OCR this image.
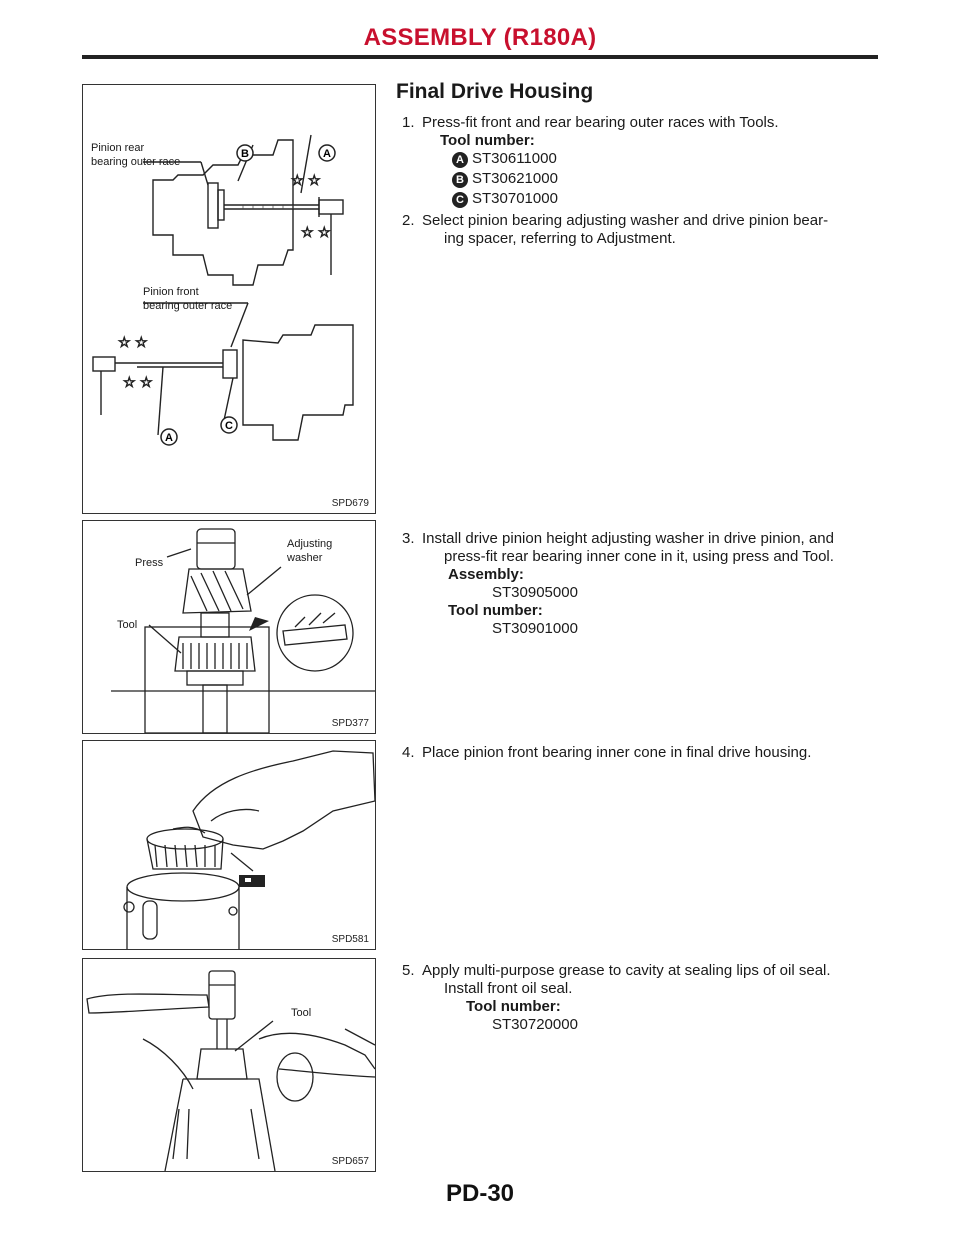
ASSEMBLY (R180A)
☆ ☆
☆ ☆
☆ ☆
☆ ☆
B	A
A
C
Pinion rear
bearing outer race
Pinion front
bearing outer race
SPD679
Press
Adjusting
washer
Tool
SPD377
SPD581
Tool
SPD657
Final Drive Housing
1. Press-fit front and rear bearing outer races with Tools.
Tool number:
A ST30611000
B ST30621000
C ST30701000
2. Select pinion bearing adjusting washer and drive pinion bear-
ing spacer, referring to Adjustment.
3. Install drive pinion height adjusting washer in drive pinion, and
press-fit rear bearing inner cone in it, using press and Tool.
Assembly:
ST30905000
Tool number:
ST30901000
4. Place pinion front bearing inner cone in final drive housing.
5. Apply multi-purpose grease to cavity at sealing lips of oil seal.
Install front oil seal.
Tool number:
ST30720000
PD-30
